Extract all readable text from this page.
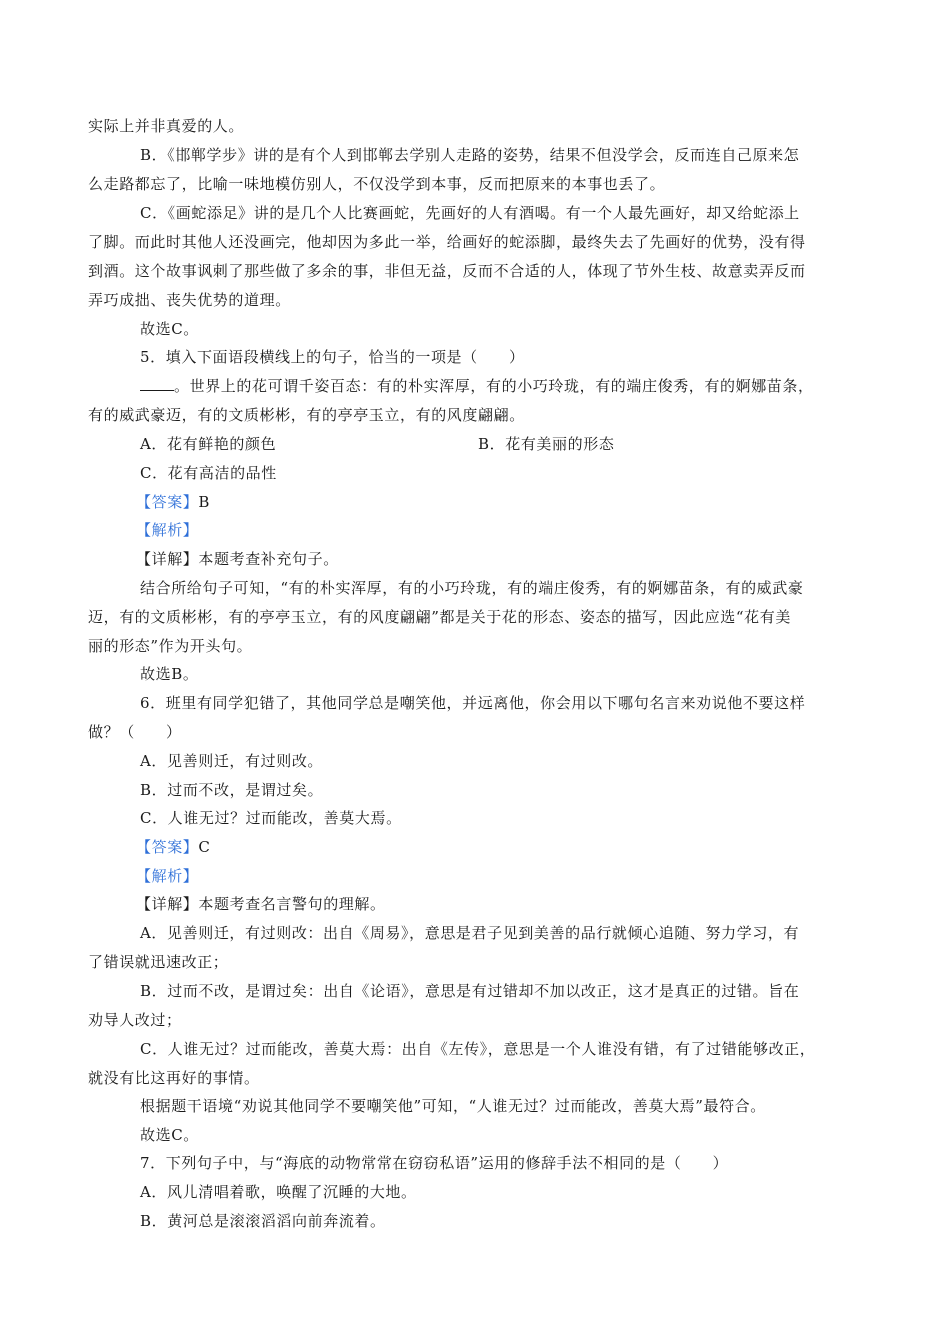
实际上并非真爱的人。
B．《邯郸学步》讲的是有个人到邯郸去学别人走路的姿势，结果不但没学会，反而连自己原来怎
么走路都忘了，比喻一味地模仿别人，不仅没学到本事，反而把原来的本事也丢了。
C．《画蛇添足》讲的是几个人比赛画蛇，先画好的人有酒喝。有一个人最先画好，却又给蛇添上
了脚。而此时其他人还没画完，他却因为多此一举，给画好的蛇添脚，最终失去了先画好的优势，没有得
到酒。这个故事讽刺了那些做了多余的事，非但无益，反而不合适的人，体现了节外生枝、故意卖弄反而
弄巧成拙、丧失优势的道理。
故选C。
5．填入下面语段横线上的句子，恰当的一项是（　　）
。世界上的花可谓千姿百态：有的朴实浑厚，有的小巧玲珑，有的端庄俊秀，有的婀娜苗条，
有的威武豪迈，有的文质彬彬，有的亭亭玉立，有的风度翩翩。
A．花有鲜艳的颜色	B．花有美丽的形态
C．花有高洁的品性
【答案】B
【解析】
【详解】本题考查补充句子。
结合所给句子可知，“有的朴实浑厚，有的小巧玲珑，有的端庄俊秀，有的婀娜苗条，有的威武豪
迈，有的文质彬彬，有的亭亭玉立，有的风度翩翩”都是关于花的形态、姿态的描写，因此应选“花有美
丽的形态”作为开头句。
故选B。
6．班里有同学犯错了，其他同学总是嘲笑他，并远离他，你会用以下哪句名言来劝说他不要这样
做？（　　）
A．见善则迁，有过则改。
B．过而不改，是谓过矣。
C．人谁无过？过而能改，善莫大焉。
【答案】C
【解析】
【详解】本题考查名言警句的理解。
A．见善则迁，有过则改：出自《周易》，意思是君子见到美善的品行就倾心追随、努力学习，有
了错误就迅速改正；
B．过而不改，是谓过矣：出自《论语》，意思是有过错却不加以改正，这才是真正的过错。旨在
劝导人改过；
C．人谁无过？过而能改，善莫大焉：出自《左传》，意思是一个人谁没有错，有了过错能够改正，
就没有比这再好的事情。
根据题干语境“劝说其他同学不要嘲笑他”可知，“人谁无过？过而能改，善莫大焉”最符合。
故选C。
7．下列句子中，与“海底的动物常常在窃窃私语”运用的修辞手法不相同的是（　　）
A．风儿清唱着歌，唤醒了沉睡的大地。
B．黄河总是滚滚滔滔向前奔流着。
